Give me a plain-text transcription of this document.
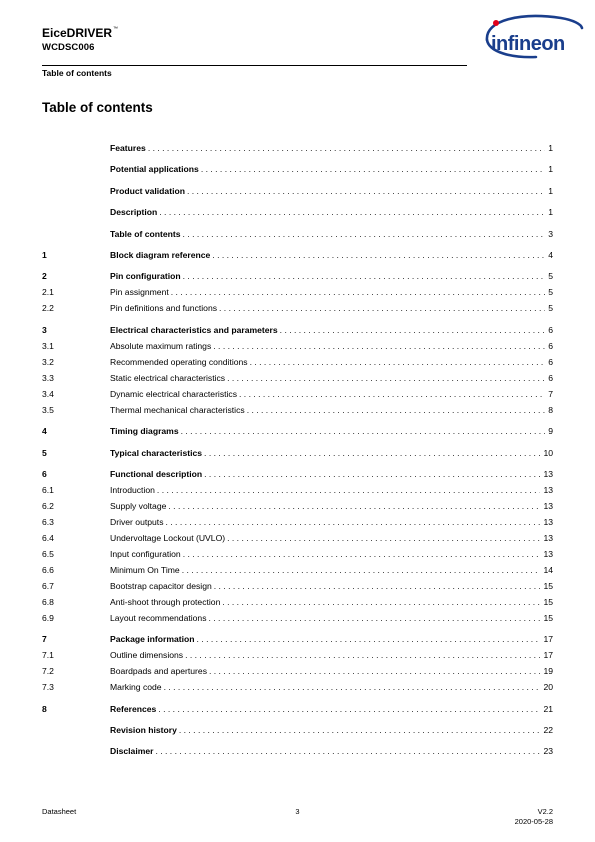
EiceDRIVER™
WCDSC006	infineon
Table of contents
Table of contents
Features . . .	1
Potential applications . . .	1
Product validation . . .	1
Description . . .	1
Table of contents . . .	3
1	Block diagram reference . . .	4
2	Pin configuration . . .	5
2.1	Pin assignment . . .	5
2.2	Pin definitions and functions . . .	5
3	Electrical characteristics and parameters . . .	6
3.1	Absolute maximum ratings . . .	6
3.2	Recommended operating conditions . . .	6
3.3	Static electrical characteristics . . .	6
3.4	Dynamic electrical characteristics . . .	7
3.5	Thermal mechanical characteristics . . .	8
4	Timing diagrams . . .	9
5	Typical characteristics . . .	10
6	Functional description . . .	13
6.1	Introduction . . .	13
6.2	Supply voltage . . .	13
6.3	Driver outputs . . .	13
6.4	Undervoltage Lockout (UVLO) . . .	13
6.5	Input configuration . . .	13
6.6	Minimum On Time . . .	14
6.7	Bootstrap capacitor design . . .	15
6.8	Anti-shoot through protection . . .	15
6.9	Layout recommendations . . .	15
7	Package information . . .	17
7.1	Outline dimensions . . .	17
7.2	Boardpads and apertures . . .	19
7.3	Marking code . . .	20
8	References . . .	21
Revision history . . .	22
Disclaimer . . .	23
Datasheet	3	V2.2
2020-05-28
